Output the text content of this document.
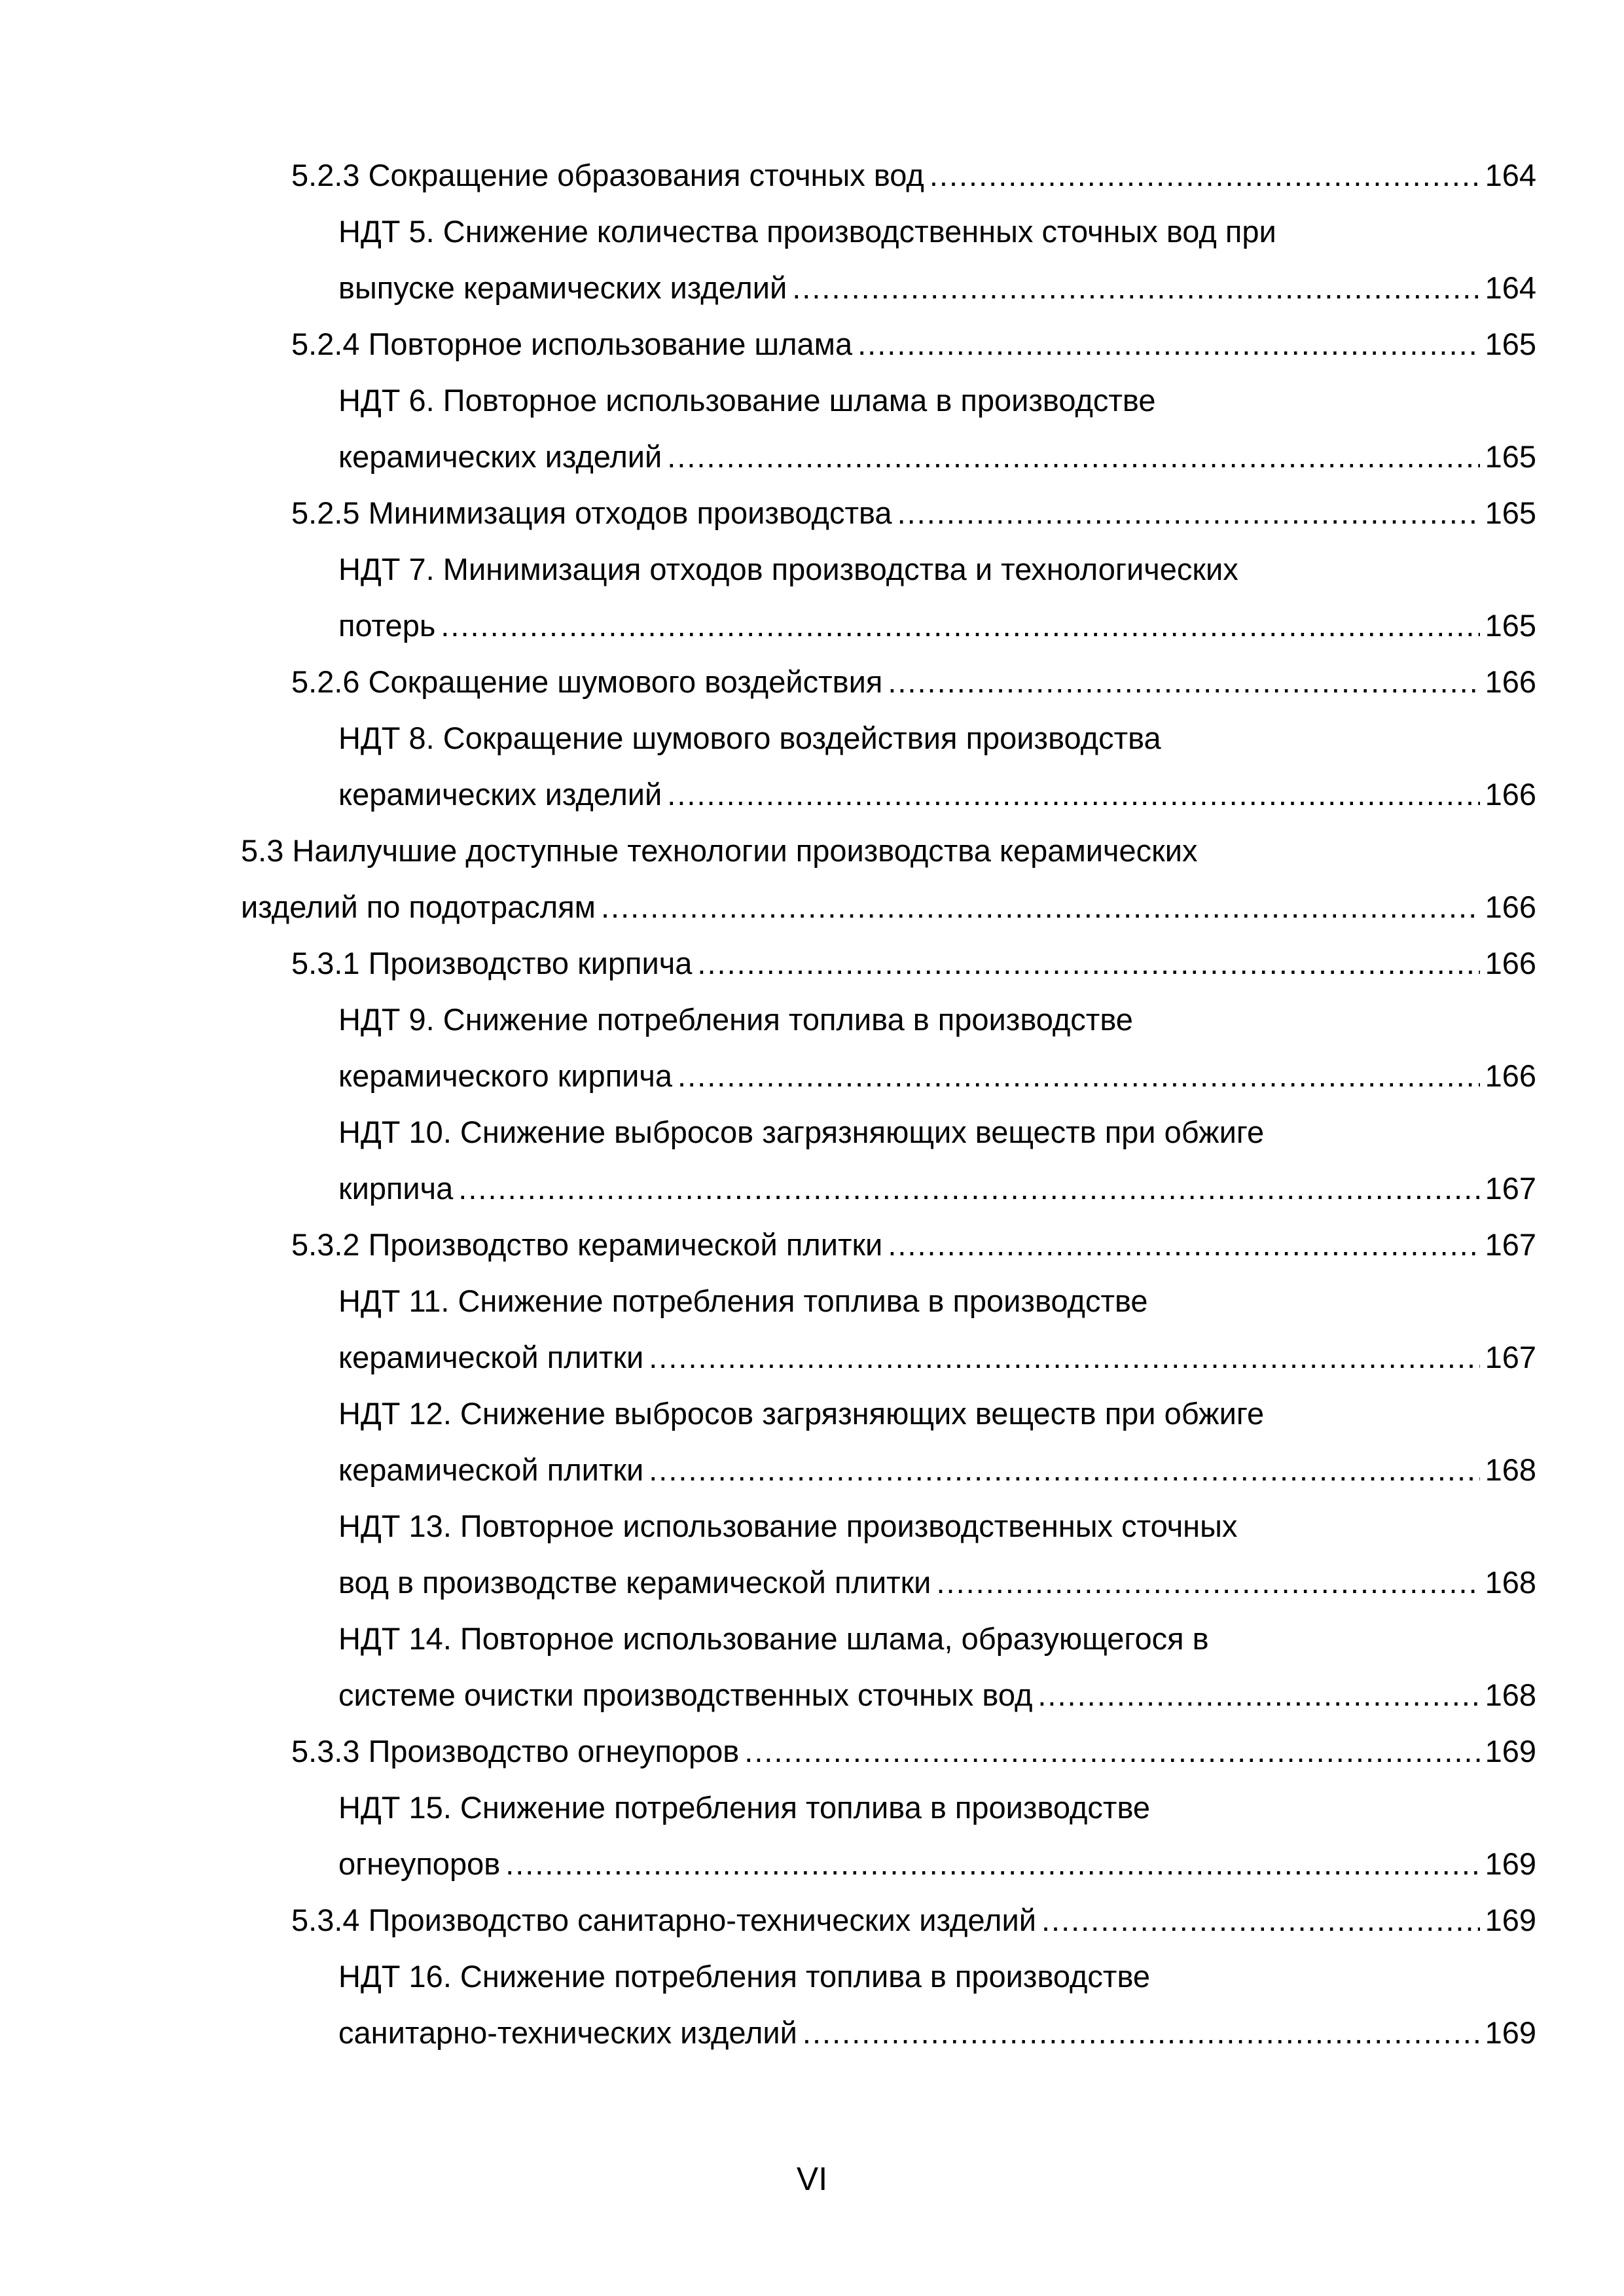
5.2.3 Сокращение образования сточных вод .....	164
НДТ 5. Снижение количества производственных сточных вод при
выпуске керамических изделий .....	164
5.2.4 Повторное использование шлама .....	165
НДТ 6. Повторное использование шлама в производстве
керамических изделий .....	165
5.2.5 Минимизация отходов производства .....	165
НДТ 7. Минимизация отходов производства и технологических
потерь .....	165
5.2.6 Сокращение шумового воздействия .....	166
НДТ 8. Сокращение шумового воздействия производства
керамических изделий .....	166
5.3 Наилучшие доступные технологии производства керамических
изделий по подотраслям .....	166
5.3.1 Производство кирпича .....	166
НДТ 9. Снижение потребления топлива в производстве
керамического кирпича .....	166
НДТ 10. Снижение выбросов загрязняющих веществ при обжиге
кирпича .....	167
5.3.2 Производство керамической плитки .....	167
НДТ 11. Снижение потребления топлива в производстве
керамической плитки .....	167
НДТ 12. Снижение выбросов загрязняющих веществ при обжиге
керамической плитки .....	168
НДТ 13. Повторное использование производственных сточных
вод в производстве керамической плитки .....	168
НДТ 14. Повторное использование шлама, образующегося в
системе очистки производственных сточных вод .....	168
5.3.3 Производство огнеупоров .....	169
НДТ 15. Снижение потребления топлива в производстве
огнеупоров .....	169
5.3.4 Производство санитарно-технических изделий .....	169
НДТ 16. Снижение потребления топлива в производстве
санитарно-технических изделий .....	169
VI
